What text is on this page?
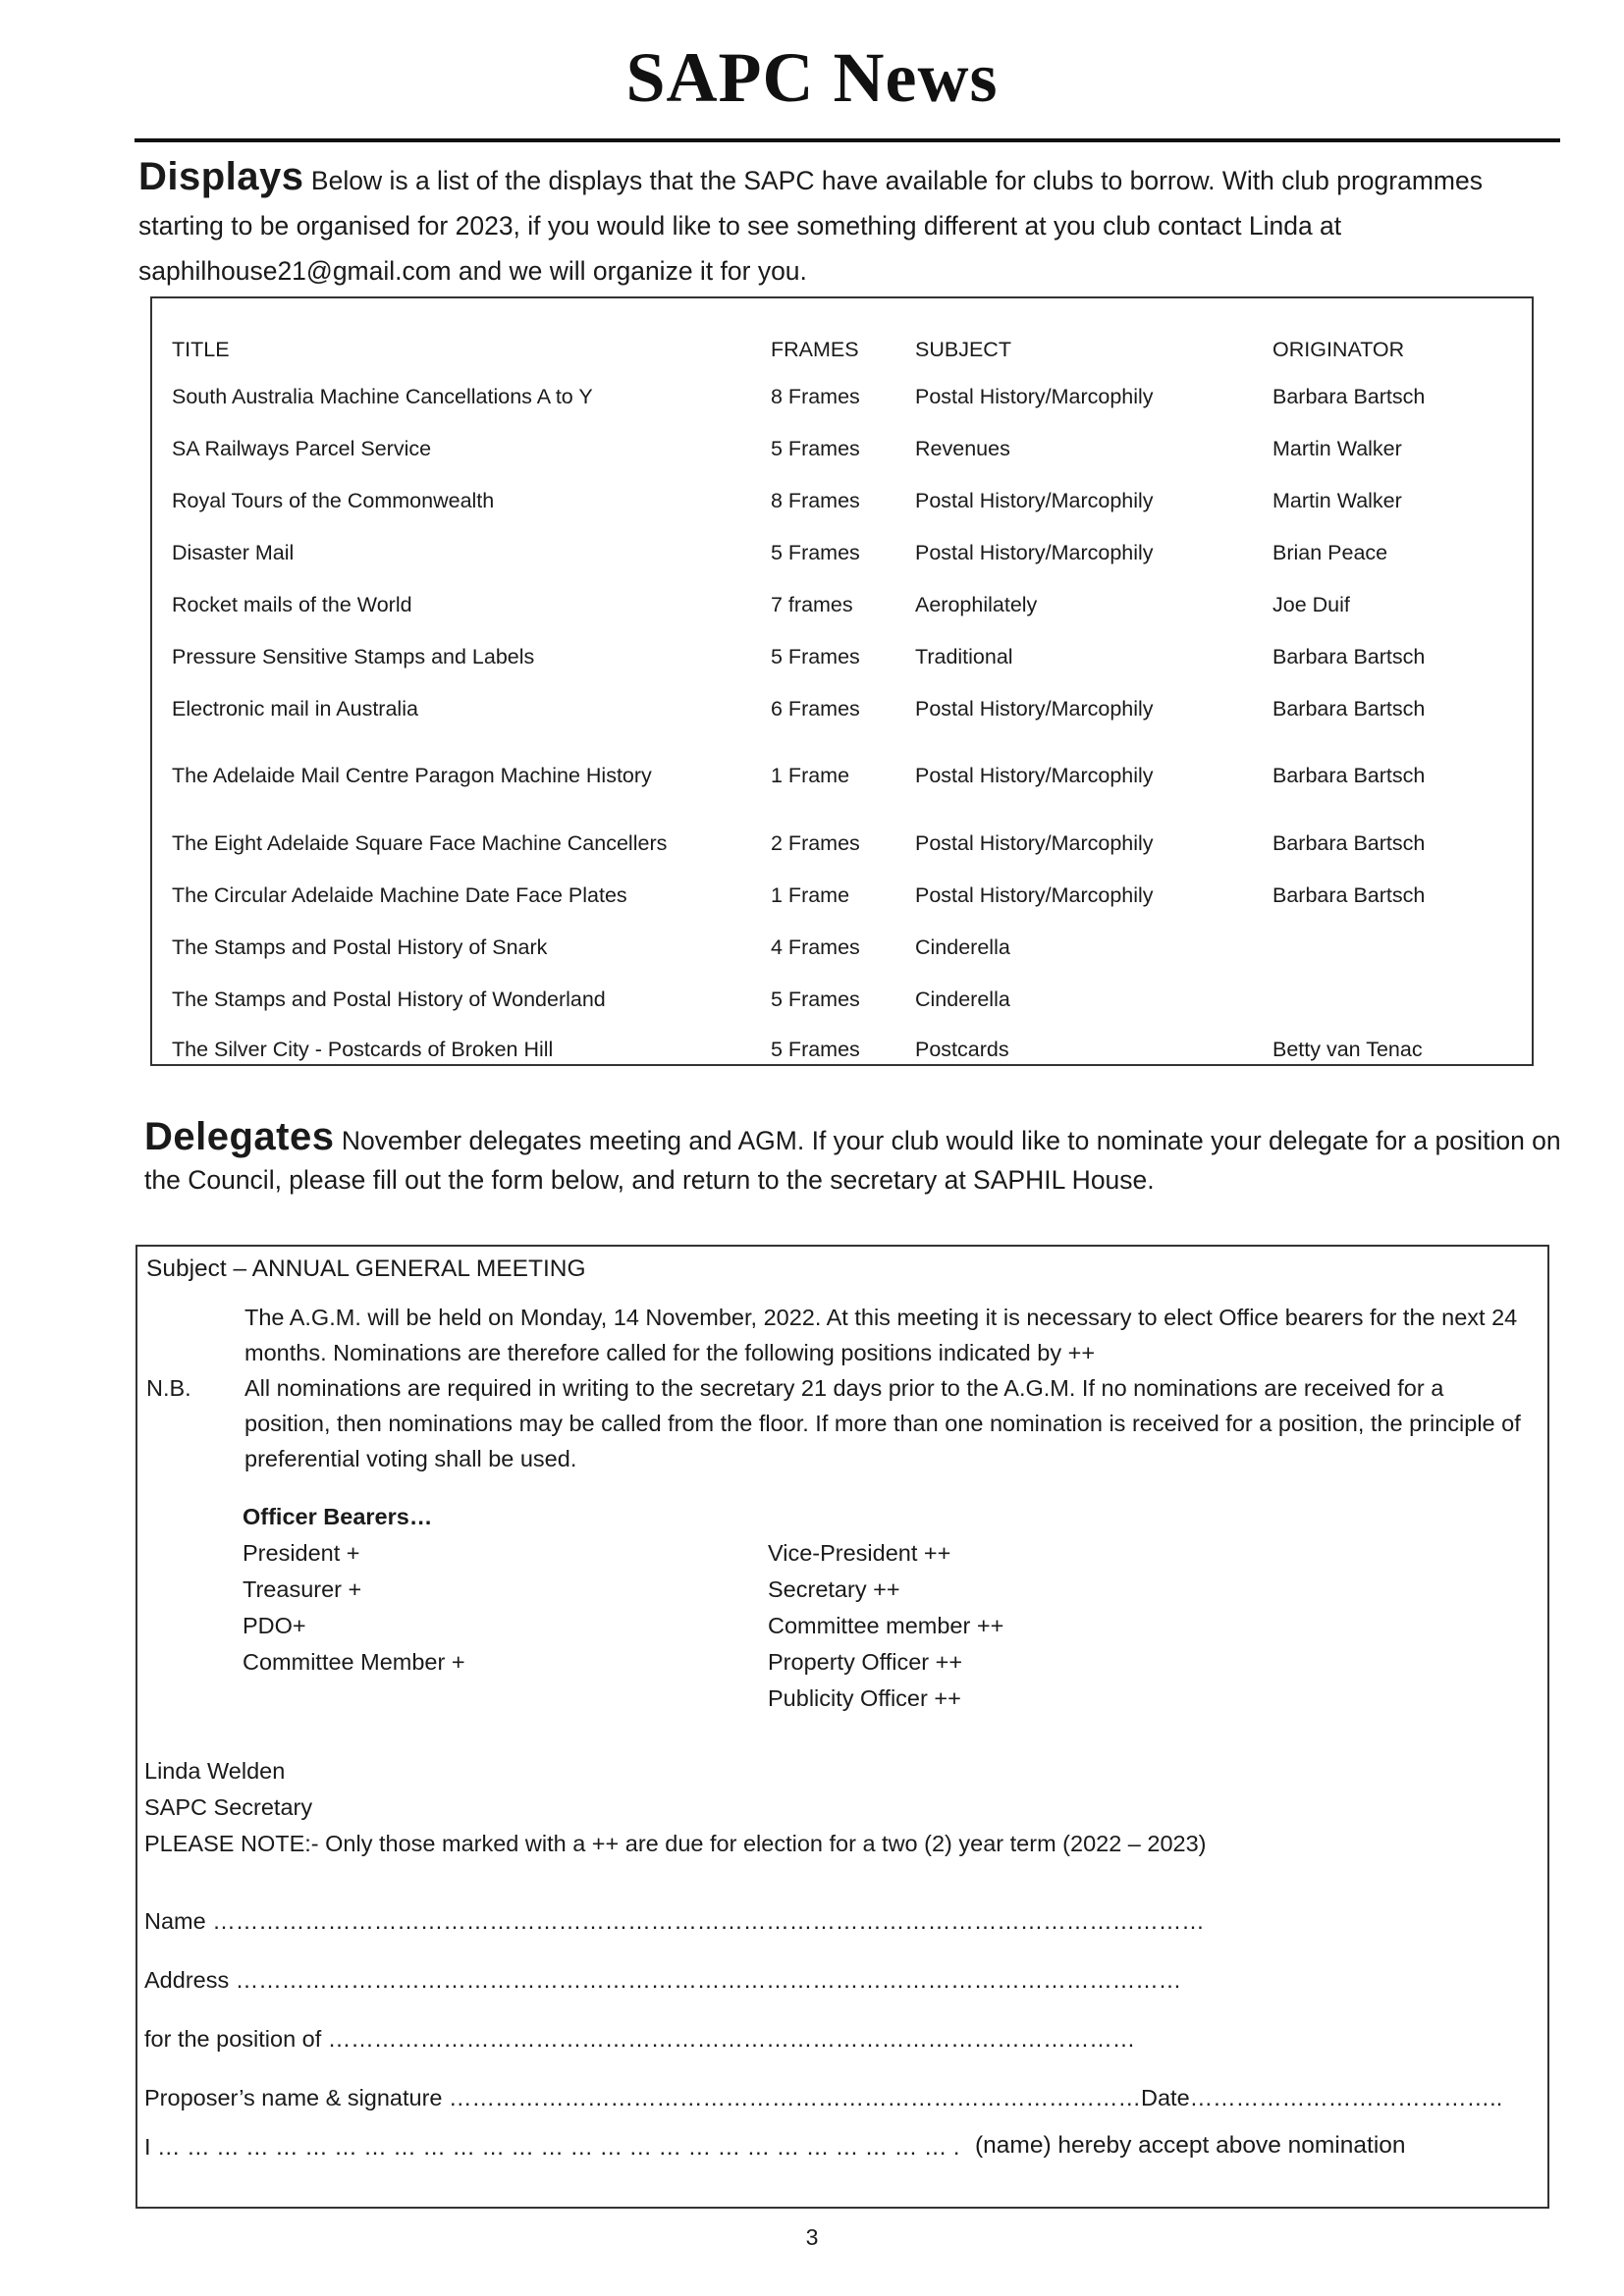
SAPC News
Displays Below is a list of the displays that the SAPC have available for clubs to borrow. With club programmes starting to be organised for 2023, if you would like to see something different at you club contact Linda at saphilhouse21@gmail.com and we will organize it for you.
TITLE	FRAMES	SUBJECT	ORIGINATOR
South Australia Machine Cancellations A to Y	8 Frames	Postal History/Marcophily	Barbara Bartsch
SA Railways Parcel Service	5 Frames	Revenues	Martin Walker
Royal Tours of the Commonwealth	8 Frames	Postal History/Marcophily	Martin Walker
Disaster Mail	5 Frames	Postal History/Marcophily	Brian Peace
Rocket mails of the World	7 frames	Aerophilately	Joe Duif
Pressure Sensitive Stamps and Labels	5 Frames	Traditional	Barbara Bartsch
Electronic mail in Australia	6 Frames	Postal History/Marcophily	Barbara Bartsch
The Adelaide Mail Centre Paragon Machine History	1 Frame	Postal History/Marcophily	Barbara Bartsch
The Eight Adelaide Square Face Machine Cancellers	2 Frames	Postal History/Marcophily	Barbara Bartsch
The Circular Adelaide Machine Date Face Plates	1 Frame	Postal History/Marcophily	Barbara Bartsch
The Stamps and Postal History of Snark	4 Frames	Cinderella
The Stamps and Postal History of Wonderland	5 Frames	Cinderella
The Silver City - Postcards of Broken Hill	5 Frames	Postcards	Betty van Tenac
Delegates November delegates meeting and AGM. If your club would like to nominate your delegate for a position on the Council, please fill out the form below, and return to the secretary at SAPHIL House.
Subject – ANNUAL GENERAL MEETING
The A.G.M. will be held on Monday, 14 November, 2022. At this meeting it is necessary to elect Office bearers for the next 24 months. Nominations are therefore called for the following positions indicated by ++
N.B. All nominations are required in writing to the secretary 21 days prior to the A.G.M. If no nominations are received for a position, then nominations may be called from the floor. If more than one nomination is received for a position, the principle of preferential voting shall be used.
Officer Bearers…
President +
Treasurer +
PDO+
Committee Member +
Vice-President ++
Secretary ++
Committee member ++
Property Officer ++
Publicity Officer ++
Linda Welden
SAPC Secretary
PLEASE NOTE:- Only those marked with a ++ are due for election for a two (2) year term (2022 – 2023)
Name …………………………………………………………………………………………………………………
Address ……………………………………………………………………………………………………………
for the position of ……………………………………………………………………………………………
Proposer’s name & signature ………………………………………………………………………………Date…………………………………..
I … … … … … … … … … … … … … … … … … … … … … … … … … … … . (name) hereby accept above nomination
3
